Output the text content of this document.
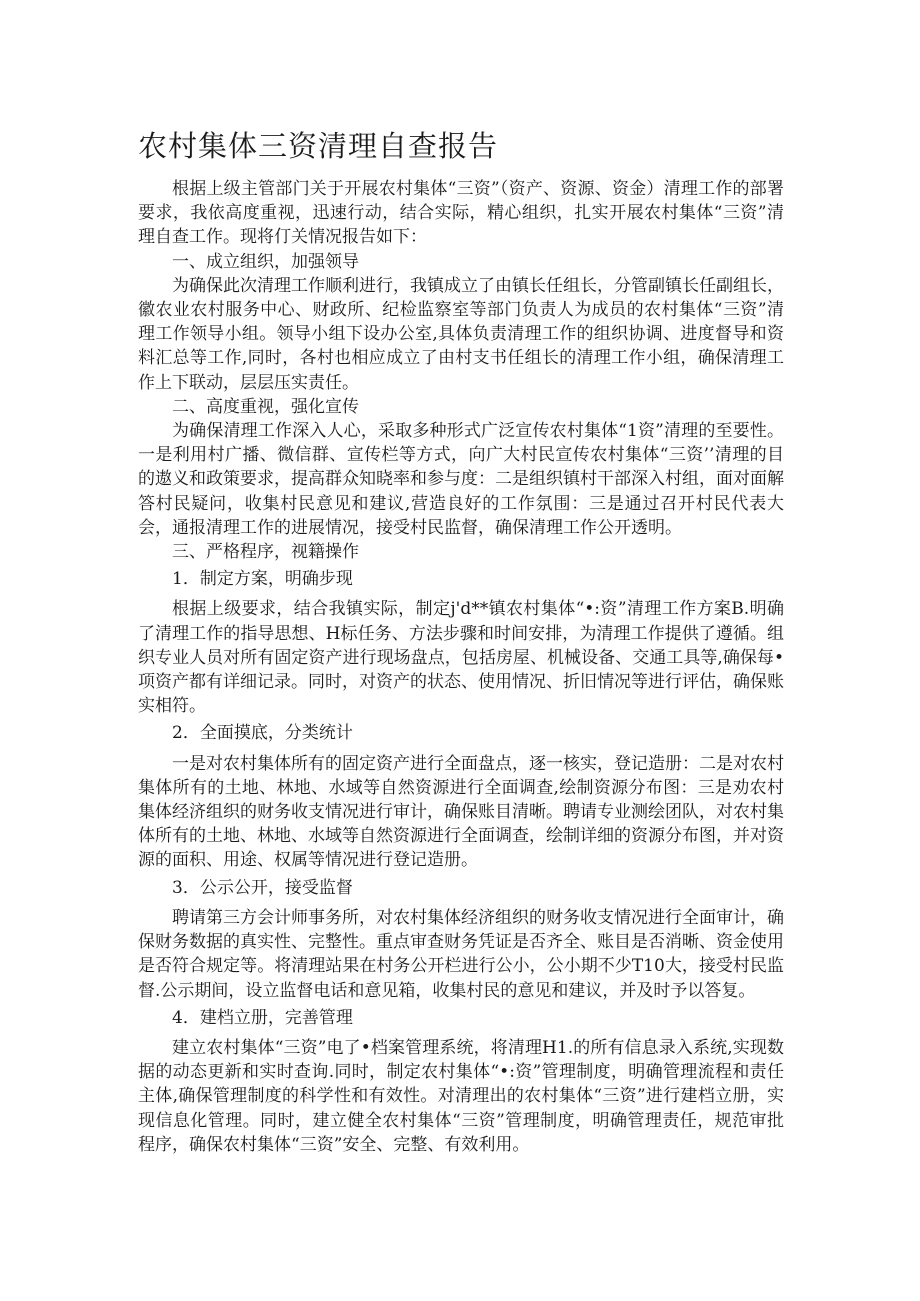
农村集体三资清理自查报告

根据上级主管部门关于开展农村集体“三资”（资产、资源、资金）清理工作的部署要求，我依高度重视，迅速行动，结合实际，精心组织，扎实开展农村集体“三资”清理自查工作。现将仃关情况报告如下：

一、成立组织，加强领导

为确保此次清理工作顺利进行，我镇成立了由镇长任组长，分管副镇长任副组长，徽农业农村服务中心、财政所、纪检监察室等部门负责人为成员的农村集体“三资”清理工作领导小组。领导小组下设办公室,具体负责清理工作的组织协调、进度督导和资料汇总等工作,同时，各村也相应成立了由村支书任组长的清理工作小组，确保清理工作上下联动，层层压实责任。

二、高度重视，强化宣传

为确保清理工作深入人心，采取多种形式广泛宣传农村集体“1资”清理的至要性。一是利用村广播、微信群、宣传栏等方式，向广大村民宣传农村集体“三资’’清理的目的遨义和政策要求，提高群众知晓率和参与度：二是组织镇村干部深入村组，面对面解答村民疑问，收集村民意见和建议,营造良好的工作氛围：三是通过召开村民代表大会，通报清理工作的进展情况，接受村民监督，确保清理工作公开透明。

三、严格程序，视籍操作

1．制定方案，明确步现

根据上级要求，结合我镇实际，制定j'd**镇农村集体“•:资”清理工作方案B.明确了清理工作的指导思想、H标任务、方法步骤和时间安排，为清理工作提供了遵循。组织专业人员对所有固定资产进行现场盘点，包括房屋、机械设备、交通工具等,确保每•项资产都有详细记录。同时，对资产的状态、使用情况、折旧情况等进行评估，确保账实相符。

2．全面摸底，分类统计

一是对农村集体所有的固定资产进行全面盘点，逐一核实，登记造册：二是对农村集体所有的土地、林地、水域等自然资源进行全面调查,绘制资源分布图：三是劝农村集体经济组织的财务收支情况进行审计，确保账目清晰。聘请专业测绘团队，对农村集体所有的土地、林地、水域等自然资源进行全面调查，绘制详细的资源分布图，并对资源的面积、用途、权属等情况进行登记造册。

3．公示公开，接受监督

聘请第三方会计师事务所，对农村集体经济组织的财务收支情况进行全面审计，确保财务数据的真实性、完整性。重点审查财务凭证是否齐全、账目是否消晰、资金使用是否符合规定等。将清理站果在村务公开栏进行公小，公小期不少T10大，接受村民监督.公示期间，设立监督电话和意见箱，收集村民的意见和建议，并及时予以答复。

4．建档立册，完善管理

建立农村集体“三资”电了•档案管理系统，将清理H1.的所有信息录入系统,实现数据的动态更新和实时查询.同时，制定农村集体“•:资”管理制度，明确管理流程和责任主体,确保管理制度的科学性和有效性。对清理出的农村集体“三资”进行建档立册，实现信息化管理。同时，建立健全农村集体“三资”管理制度，明确管理责任，规范审批程序，确保农村集体“三资”安全、完整、有效利用。
